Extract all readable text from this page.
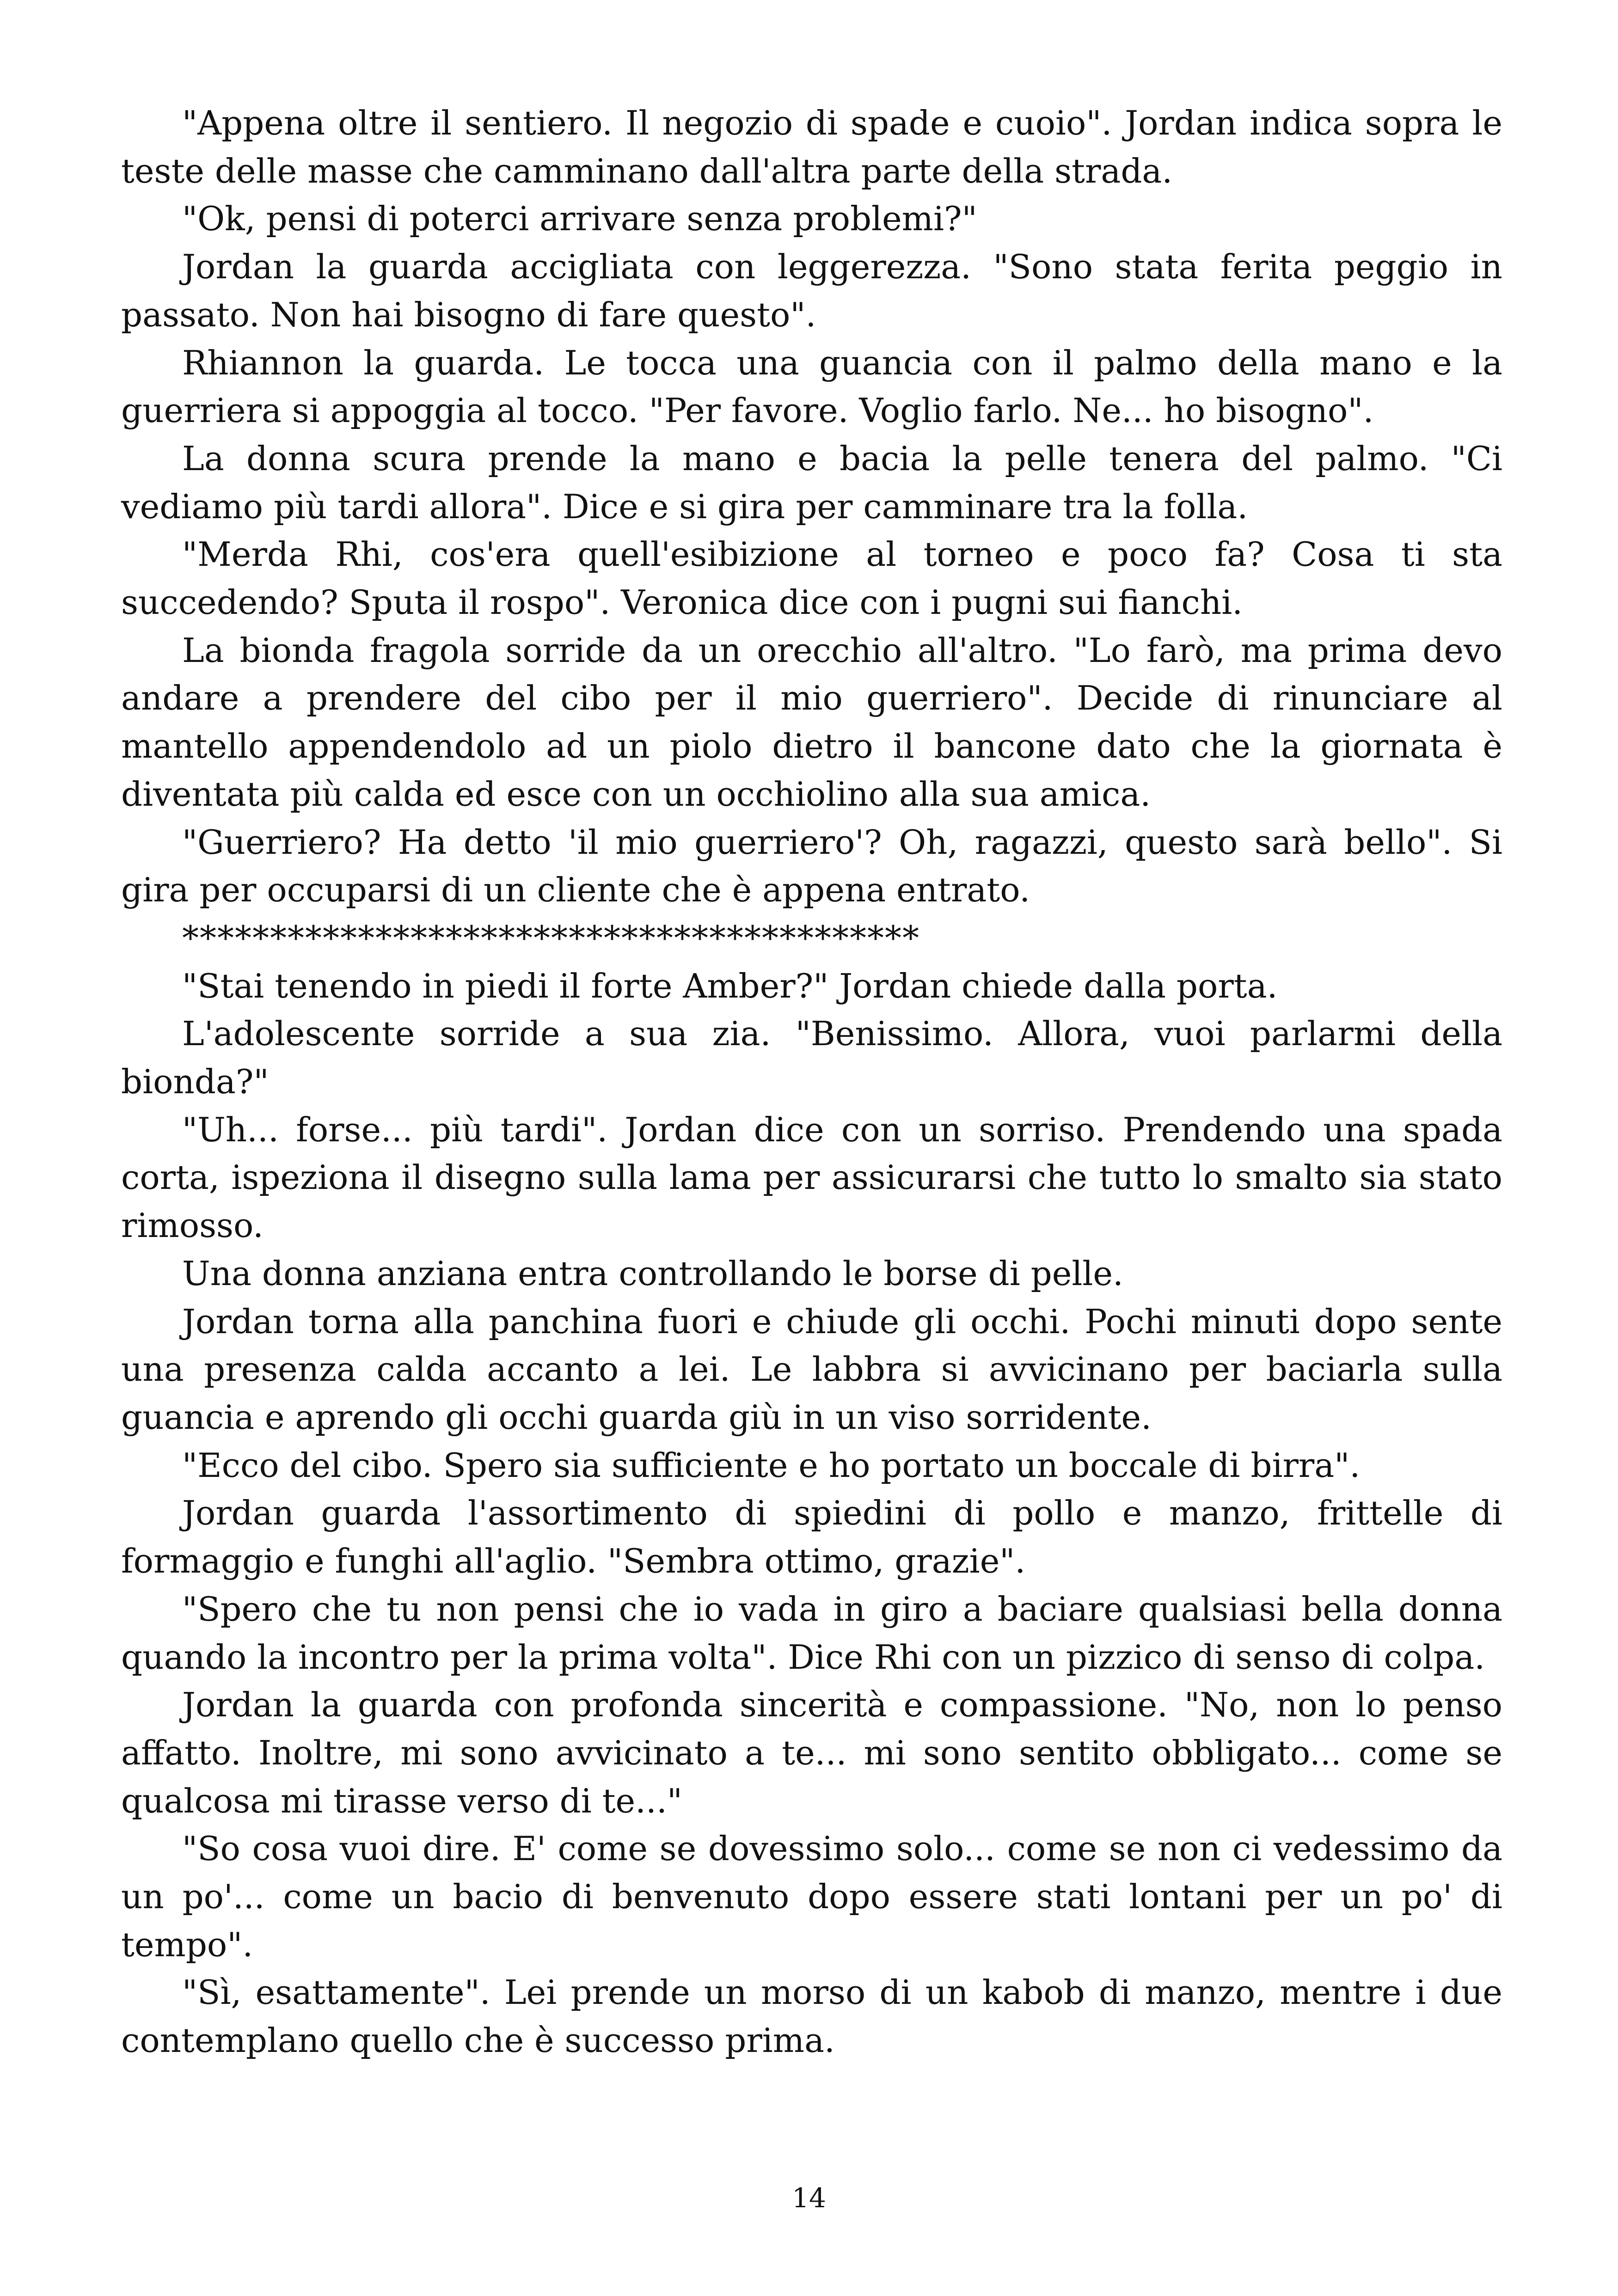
"Appena oltre il sentiero. Il negozio di spade e cuoio". Jordan indica sopra le teste delle masse che camminano dall'altra parte della strada.

"Ok, pensi di poterci arrivare senza problemi?"

Jordan la guarda accigliata con leggerezza. "Sono stata ferita peggio in passato. Non hai bisogno di fare questo".

Rhiannon la guarda. Le tocca una guancia con il palmo della mano e la guerriera si appoggia al tocco. "Per favore. Voglio farlo. Ne... ho bisogno".

La donna scura prende la mano e bacia la pelle tenera del palmo. "Ci vediamo più tardi allora". Dice e si gira per camminare tra la folla.

"Merda Rhi, cos'era quell'esibizione al torneo e poco fa? Cosa ti sta succedendo? Sputa il rospo". Veronica dice con i pugni sui fianchi.

La bionda fragola sorride da un orecchio all'altro. "Lo farò, ma prima devo andare a prendere del cibo per il mio guerriero". Decide di rinunciare al mantello appendendolo ad un piolo dietro il bancone dato che la giornata è diventata più calda ed esce con un occhiolino alla sua amica.

"Guerriero? Ha detto 'il mio guerriero'? Oh, ragazzi, questo sarà bello". Si gira per occuparsi di un cliente che è appena entrato.

******************************************

"Stai tenendo in piedi il forte Amber?" Jordan chiede dalla porta.

L'adolescente sorride a sua zia. "Benissimo. Allora, vuoi parlarmi della bionda?"

"Uh... forse... più tardi". Jordan dice con un sorriso. Prendendo una spada corta, ispeziona il disegno sulla lama per assicurarsi che tutto lo smalto sia stato rimosso.

Una donna anziana entra controllando le borse di pelle.

Jordan torna alla panchina fuori e chiude gli occhi. Pochi minuti dopo sente una presenza calda accanto a lei. Le labbra si avvicinano per baciarla sulla guancia e aprendo gli occhi guarda giù in un viso sorridente.

"Ecco del cibo. Spero sia sufficiente e ho portato un boccale di birra".

Jordan guarda l'assortimento di spiedini di pollo e manzo, frittelle di formaggio e funghi all'aglio. "Sembra ottimo, grazie".

"Spero che tu non pensi che io vada in giro a baciare qualsiasi bella donna quando la incontro per la prima volta". Dice Rhi con un pizzico di senso di colpa.

Jordan la guarda con profonda sincerità e compassione. "No, non lo penso affatto. Inoltre, mi sono avvicinato a te... mi sono sentito obbligato... come se qualcosa mi tirasse verso di te..."

"So cosa vuoi dire. E' come se dovessimo solo... come se non ci vedessimo da un po'... come un bacio di benvenuto dopo essere stati lontani per un po' di tempo".

"Sì, esattamente". Lei prende un morso di un kabob di manzo, mentre i due contemplano quello che è successo prima.

14
